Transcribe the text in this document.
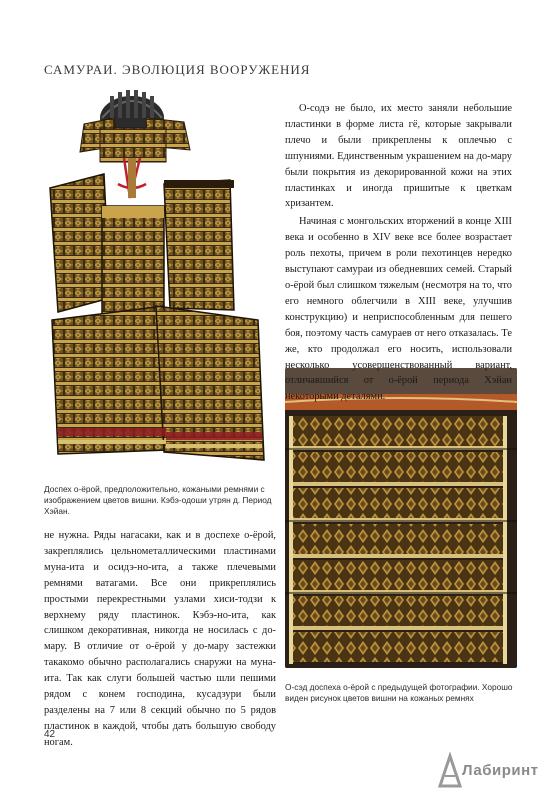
САМУРАИ. ЭВОЛЮЦИЯ ВООРУЖЕНИЯ
Доспех о-ёрой, предположительно, кожаными ремнями с изображением цветов вишни. Кэбэ-одоши утрян д. Период Хэйан.
О-сэд доспеха о-ёрой с предыдущей фотографии. Хорошо виден рисунок цветов вишни на кожаных ремнях

О-содэ не было, их место заняли небольшие пластинки в форме листа гё, которые закрывали плечо и были прикреплены к оплечью с шпуниями. Единственным украшением на до-мару были покрытия из декорированной кожи на этих пластинках и иногда пришитые к цветкам хризантем.

Начиная с монгольских вторжений в конце XIII века и особенно в XIV веке все более возрастает роль пехоты, причем в роли пехотинцев нередко выступают самураи из обедневших семей. Старый о-ёрой был слишком тяжелым (несмотря на то, что его немного облегчили в XIII веке, улучшив конструкцию) и неприспособленным для пешего боя, поэтому часть самураев от него отказалась. Те же, кто продолжал его носить, использовали несколько усовершенствованный вариант, отличавшийся от о-ёрой периода Хэйан некоторыми деталями.

не нужна. Ряды нагасаки, как и в доспехе о-ёрой, закреплялись цельнометаллическими пластинами муна-ита и осидэ-но-ита, а также плечевыми ремнями ватагами. Все они прикреплялись простыми перекрестными узлами хиси-тодзи к верхнему ряду пластинок. Кэбэ-но-ита, как слишком декоративная, никогда не носилась с до-мару. В отличие от о-ёрой у до-мару застежки такакомо обычно располагались снаружи на муна-ита. Так как слуги большей частью шли пешими рядом с конем господина, кусадзури были разделены на 7 или 8 секций обычно по 5 рядов пластинок в каждой, чтобы дать большую свободу ногам.

42
Лабиринт
